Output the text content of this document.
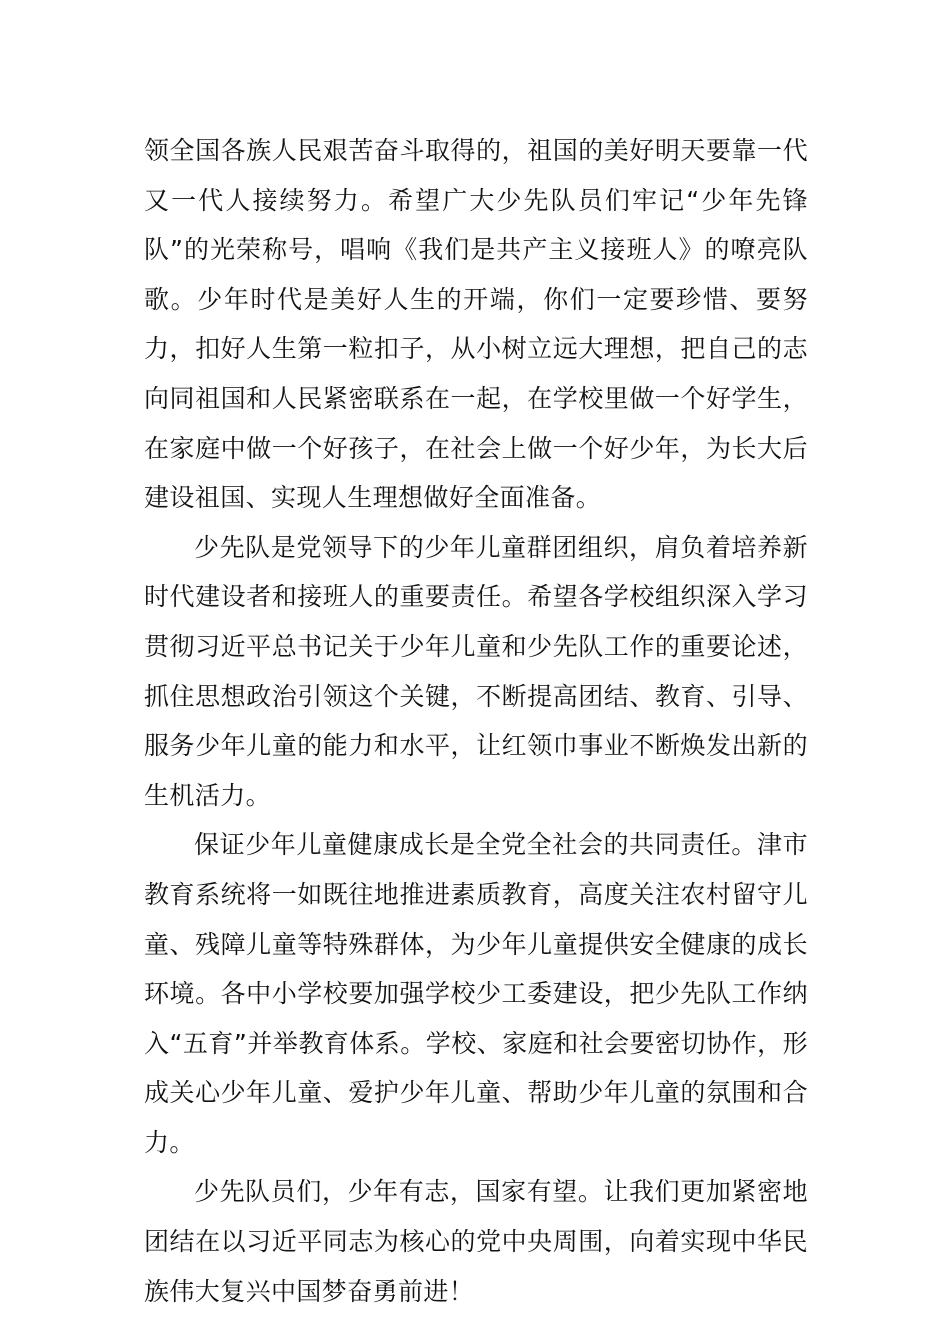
领全国各族人民艰苦奋斗取得的，祖国的美好明天要靠一代又一代人接续努力。希望广大少先队员们牢记“少年先锋队”的光荣称号，唱响《我们是共产主义接班人》的嘹亮队歌。少年时代是美好人生的开端，你们一定要珍惜、要努力，扣好人生第一粒扣子，从小树立远大理想，把自己的志向同祖国和人民紧密联系在一起，在学校里做一个好学生，在家庭中做一个好孩子，在社会上做一个好少年，为长大后建设祖国、实现人生理想做好全面准备。

少先队是党领导下的少年儿童群团组织，肩负着培养新时代建设者和接班人的重要责任。希望各学校组织深入学习贯彻习近平总书记关于少年儿童和少先队工作的重要论述，抓住思想政治引领这个关键，不断提高团结、教育、引导、服务少年儿童的能力和水平，让红领巾事业不断焕发出新的生机活力。

保证少年儿童健康成长是全党全社会的共同责任。津市教育系统将一如既往地推进素质教育，高度关注农村留守儿童、残障儿童等特殊群体，为少年儿童提供安全健康的成长环境。各中小学校要加强学校少工委建设，把少先队工作纳入“五育”并举教育体系。学校、家庭和社会要密切协作，形成关心少年儿童、爱护少年儿童、帮助少年儿童的氛围和合力。

少先队员们，少年有志，国家有望。让我们更加紧密地团结在以习近平同志为核心的党中央周围，向着实现中华民族伟大复兴中国梦奋勇前进！
